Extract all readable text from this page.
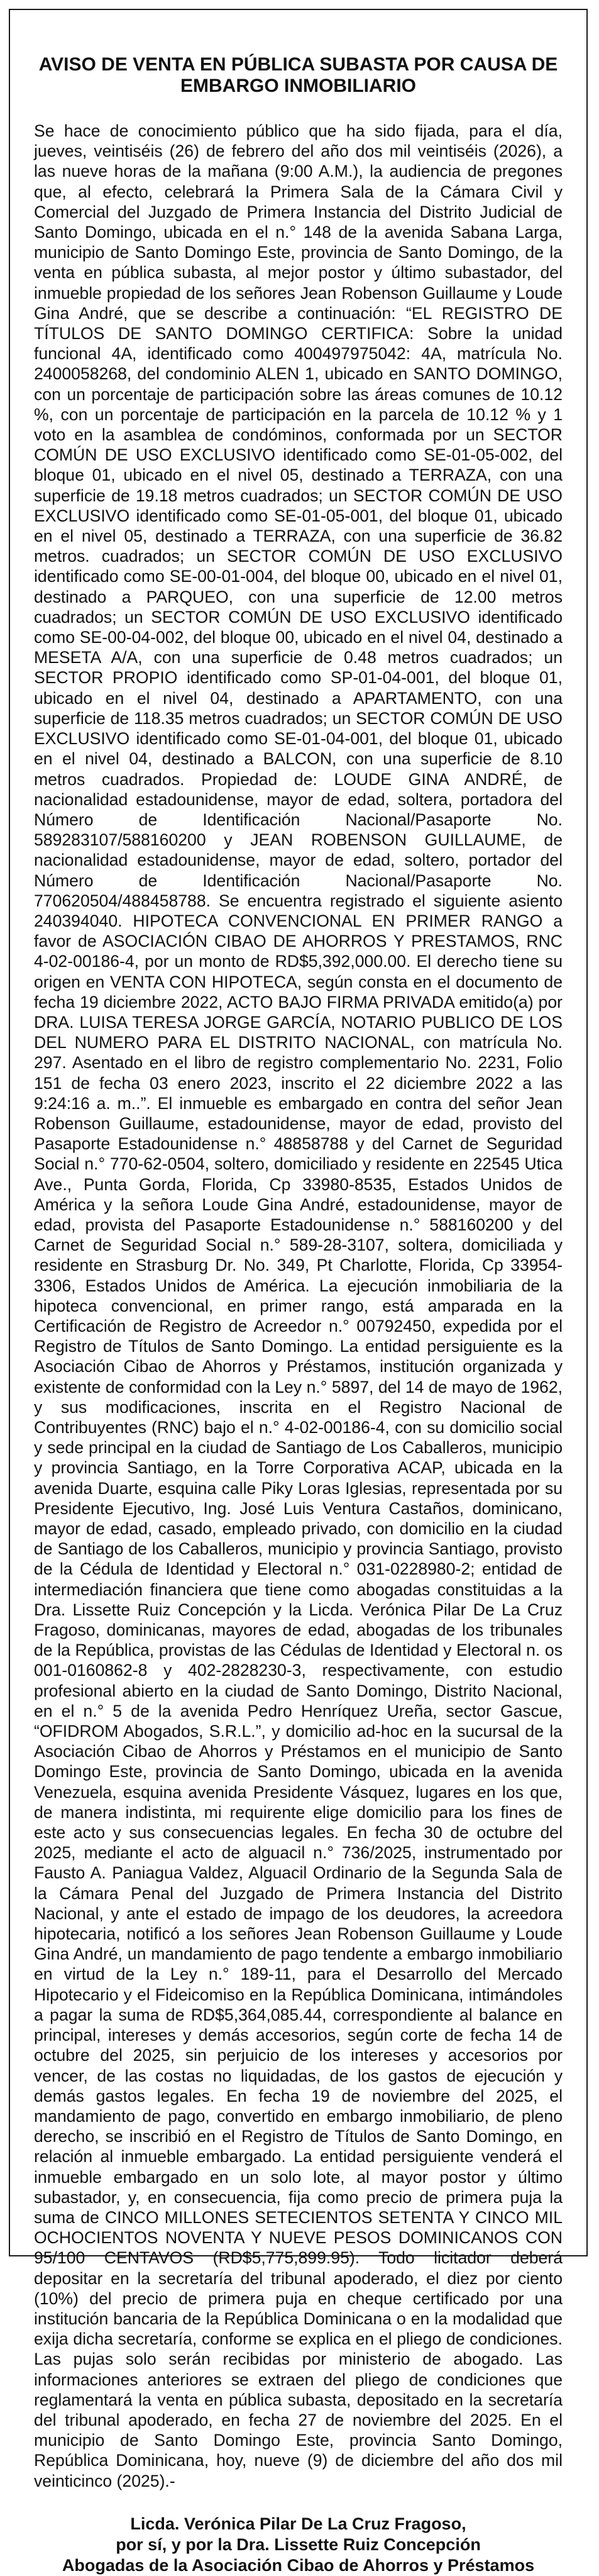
AVISO DE VENTA EN PÚBLICA SUBASTA POR CAUSA DE
EMBARGO INMOBILIARIO

Se hace de conocimiento público que ha sido fijada, para el día, jueves, veintiséis (26) de febrero del año dos mil veintiséis (2026), a las nueve horas de la mañana (9:00 A.M.), la audiencia de pregones que, al efecto, celebrará la Primera Sala de la Cámara Civil y Comercial del Juzgado de Primera Instancia del Distrito Judicial de Santo Domingo, ubicada en el n.° 148 de la avenida Sabana Larga, municipio de Santo Domingo Este, provincia de Santo Domingo, de la venta en pública subasta, al mejor postor y último subastador, del inmueble propiedad de los señores Jean Robenson Guillaume y Loude Gina André, que se describe a continuación: “EL REGISTRO DE TÍTULOS DE SANTO DOMINGO CERTIFICA: Sobre la unidad funcional 4A, identificado como 400497975042: 4A, matrícula No. 2400058268, del condominio ALEN 1, ubicado en SANTO DOMINGO, con un porcentaje de participación sobre las áreas comunes de 10.12 %, con un porcentaje de participación en la parcela de 10.12 % y 1 voto en la asamblea de condóminos, conformada por un SECTOR COMÚN DE USO EXCLUSIVO identificado como SE-01-05-002, del bloque 01, ubicado en el nivel 05, destinado a TERRAZA, con una superficie de 19.18 metros cuadrados; un SECTOR COMÚN DE USO EXCLUSIVO identificado como SE-01-05-001, del bloque 01, ubicado en el nivel 05, destinado a TERRAZA, con una superficie de 36.82 metros. cuadrados; un SECTOR COMÚN DE USO EXCLUSIVO identificado como SE-00-01-004, del bloque 00, ubicado en el nivel 01, destinado a PARQUEO, con una superficie de 12.00 metros cuadrados; un SECTOR COMÚN DE USO EXCLUSIVO identificado como SE-00-04-002, del bloque 00, ubicado en el nivel 04, destinado a MESETA A/A, con una superficie de 0.48 metros cuadrados; un SECTOR PROPIO identificado como SP-01-04-001, del bloque 01, ubicado en el nivel 04, destinado a APARTAMENTO, con una superficie de 118.35 metros cuadrados; un SECTOR COMÚN DE USO EXCLUSIVO identificado como SE-01-04-001, del bloque 01, ubicado en el nivel 04, destinado a BALCON, con una superficie de 8.10 metros cuadrados. Propiedad de: LOUDE GINA ANDRÉ, de nacionalidad estadounidense, mayor de edad, soltera, portadora del Número de Identificación Nacional/Pasaporte No. 589283107/588160200 y JEAN ROBENSON GUILLAUME, de nacionalidad estadounidense, mayor de edad, soltero, portador del Número de Identificación Nacional/Pasaporte No. 770620504/488458788. Se encuentra registrado el siguiente asiento 240394040. HIPOTECA CONVENCIONAL EN PRIMER RANGO a favor de ASOCIACIÓN CIBAO DE AHORROS Y PRESTAMOS, RNC 4-02-00186-4, por un monto de RD$5,392,000.00. El derecho tiene su origen en VENTA CON HIPOTECA, según consta en el documento de fecha 19 diciembre 2022, ACTO BAJO FIRMA PRIVADA emitido(a) por DRA. LUISA TERESA JORGE GARCÍA, NOTARIO PUBLICO DE LOS DEL NUMERO PARA EL DISTRITO NACIONAL, con matrícula No. 297. Asentado en el libro de registro complementario No. 2231, Folio 151 de fecha 03 enero 2023, inscrito el 22 diciembre 2022 a las 9:24:16 a. m..”. El inmueble es embargado en contra del señor Jean Robenson Guillaume, estadounidense, mayor de edad, provisto del Pasaporte Estadounidense n.° 48858788 y del Carnet de Seguridad Social n.° 770-62-0504, soltero, domiciliado y residente en 22545 Utica Ave., Punta Gorda, Florida, Cp 33980-8535, Estados Unidos de América y la señora Loude Gina André, estadounidense, mayor de edad, provista del Pasaporte Estadounidense n.° 588160200 y del Carnet de Seguridad Social n.° 589-28-3107, soltera, domiciliada y residente en Strasburg Dr. No. 349, Pt Charlotte, Florida, Cp 33954-3306, Estados Unidos de América. La ejecución inmobiliaria de la hipoteca convencional, en primer rango, está amparada en la Certificación de Registro de Acreedor n.° 00792450, expedida por el Registro de Títulos de Santo Domingo. La entidad persiguiente es la Asociación Cibao de Ahorros y Préstamos, institución organizada y existente de conformidad con la Ley n.° 5897, del 14 de mayo de 1962, y sus modificaciones, inscrita en el Registro Nacional de Contribuyentes (RNC) bajo el n.° 4-02-00186-4, con su domicilio social y sede principal en la ciudad de Santiago de Los Caballeros, municipio y provincia Santiago, en la Torre Corporativa ACAP, ubicada en la avenida Duarte, esquina calle Piky Loras Iglesias, representada por su Presidente Ejecutivo, Ing. José Luis Ventura Castaños, dominicano, mayor de edad, casado, empleado privado, con domicilio en la ciudad de Santiago de los Caballeros, municipio y provincia Santiago, provisto de la Cédula de Identidad y Electoral n.° 031-0228980-2; entidad de intermediación financiera que tiene como abogadas constituidas a la Dra. Lissette Ruiz Concepción y la Licda. Verónica Pilar De La Cruz Fragoso, dominicanas, mayores de edad, abogadas de los tribunales de la República, provistas de las Cédulas de Identidad y Electoral n. os 001-0160862-8 y 402-2828230-3, respectivamente, con estudio profesional abierto en la ciudad de Santo Domingo, Distrito Nacional, en el n.° 5 de la avenida Pedro Henríquez Ureña, sector Gascue, “OFIDROM Abogados, S.R.L.”, y domicilio ad-hoc en la sucursal de la Asociación Cibao de Ahorros y Préstamos en el municipio de Santo Domingo Este, provincia de Santo Domingo, ubicada en la avenida Venezuela, esquina avenida Presidente Vásquez, lugares en los que, de manera indistinta, mi requirente elige domicilio para los fines de este acto y sus consecuencias legales. En fecha 30 de octubre del 2025, mediante el acto de alguacil n.° 736/2025, instrumentado por Fausto A. Paniagua Valdez, Alguacil Ordinario de la Segunda Sala de la Cámara Penal del Juzgado de Primera Instancia del Distrito Nacional, y ante el estado de impago de los deudores, la acreedora hipotecaria, notificó a los señores Jean Robenson Guillaume y Loude Gina André, un mandamiento de pago tendente a embargo inmobiliario en virtud de la Ley n.° 189-11, para el Desarrollo del Mercado Hipotecario y el Fideicomiso en la República Dominicana, intimándoles a pagar la suma de RD$5,364,085.44, correspondiente al balance en principal, intereses y demás accesorios, según corte de fecha 14 de octubre del 2025, sin perjuicio de los intereses y accesorios por vencer, de las costas no liquidadas, de los gastos de ejecución y demás gastos legales. En fecha 19 de noviembre del 2025, el mandamiento de pago, convertido en embargo inmobiliario, de pleno derecho, se inscribió en el Registro de Títulos de Santo Domingo, en relación al inmueble embargado. La entidad persiguiente venderá el inmueble embargado en un solo lote, al mayor postor y último subastador, y, en consecuencia, fija como precio de primera puja la suma de CINCO MILLONES SETECIENTOS SETENTA Y CINCO MIL OCHOCIENTOS NOVENTA Y NUEVE PESOS DOMINICANOS CON 95/100 CENTAVOS (RD$5,775,899.95). Todo licitador deberá depositar en la secretaría del tribunal apoderado, el diez por ciento (10%) del precio de primera puja en cheque certificado por una institución bancaria de la República Dominicana o en la modalidad que exija dicha secretaría, conforme se explica en el pliego de condiciones. Las pujas solo serán recibidas por ministerio de abogado. Las informaciones anteriores se extraen del pliego de condiciones que reglamentará la venta en pública subasta, depositado en la secretaría del tribunal apoderado, en fecha 27 de noviembre del 2025. En el municipio de Santo Domingo Este, provincia Santo Domingo, República Dominicana, hoy, nueve (9) de diciembre del año dos mil veinticinco (2025).-

Licda. Verónica Pilar De La Cruz Fragoso,
por sí, y por la Dra. Lissette Ruiz Concepción
Abogadas de la Asociación Cibao de Ahorros y Préstamos
